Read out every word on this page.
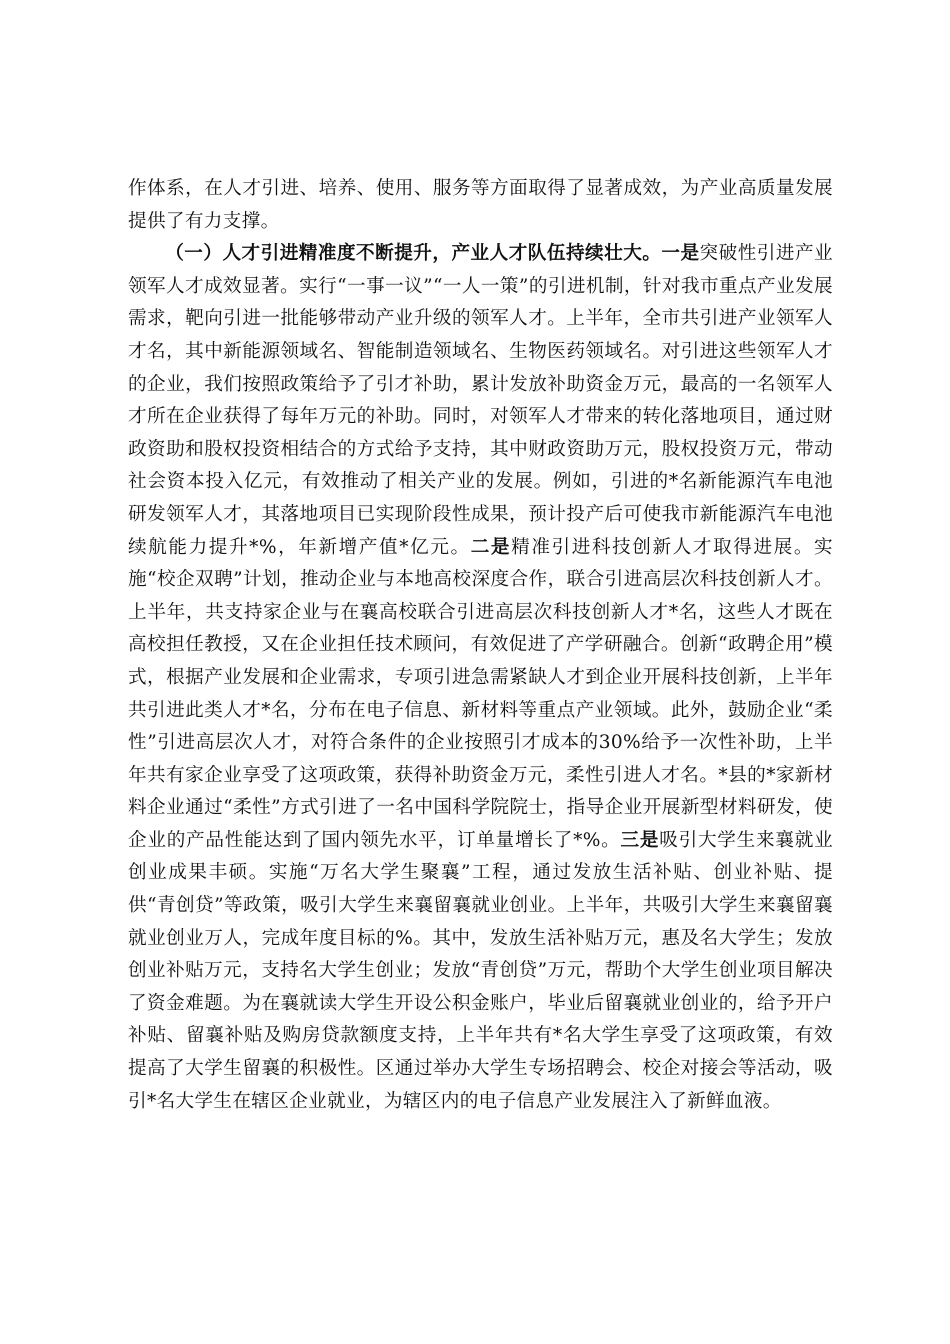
作体系，在人才引进、培养、使用、服务等方面取得了显著成效，为产业高质量发展提供了有力支撑。

（一）人才引进精准度不断提升，产业人才队伍持续壮大。一是突破性引进产业领军人才成效显著。实行“一事一议”“一人一策”的引进机制，针对我市重点产业发展需求，靶向引进一批能够带动产业升级的领军人才。上半年，全市共引进产业领军人才名，其中新能源领域名、智能制造领域名、生物医药领域名。对引进这些领军人才的企业，我们按照政策给予了引才补助，累计发放补助资金万元，最高的一名领军人才所在企业获得了每年万元的补助。同时，对领军人才带来的转化落地项目，通过财政资助和股权投资相结合的方式给予支持，其中财政资助万元，股权投资万元，带动社会资本投入亿元，有效推动了相关产业的发展。例如，引进的*名新能源汽车电池研发领军人才，其落地项目已实现阶段性成果，预计投产后可使我市新能源汽车电池续航能力提升*%，年新增产值*亿元。二是精准引进科技创新人才取得进展。实施“校企双聘”计划，推动企业与本地高校深度合作，联合引进高层次科技创新人才。上半年，共支持家企业与在襄高校联合引进高层次科技创新人才*名，这些人才既在高校担任教授，又在企业担任技术顾问，有效促进了产学研融合。创新“政聘企用”模式，根据产业发展和企业需求，专项引进急需紧缺人才到企业开展科技创新，上半年共引进此类人才*名，分布在电子信息、新材料等重点产业领域。此外，鼓励企业“柔性”引进高层次人才，对符合条件的企业按照引才成本的30%给予一次性补助，上半年共有家企业享受了这项政策，获得补助资金万元，柔性引进人才名。*县的*家新材料企业通过“柔性”方式引进了一名中国科学院院士，指导企业开展新型材料研发，使企业的产品性能达到了国内领先水平，订单量增长了*%。三是吸引大学生来襄就业创业成果丰硕。实施“万名大学生聚襄”工程，通过发放生活补贴、创业补贴、提供“青创贷”等政策，吸引大学生来襄留襄就业创业。上半年，共吸引大学生来襄留襄就业创业万人，完成年度目标的%。其中，发放生活补贴万元，惠及名大学生；发放创业补贴万元，支持名大学生创业；发放“青创贷”万元，帮助个大学生创业项目解决了资金难题。为在襄就读大学生开设公积金账户，毕业后留襄就业创业的，给予开户补贴、留襄补贴及购房贷款额度支持，上半年共有*名大学生享受了这项政策，有效提高了大学生留襄的积极性。区通过举办大学生专场招聘会、校企对接会等活动，吸引*名大学生在辖区企业就业，为辖区内的电子信息产业发展注入了新鲜血液。
